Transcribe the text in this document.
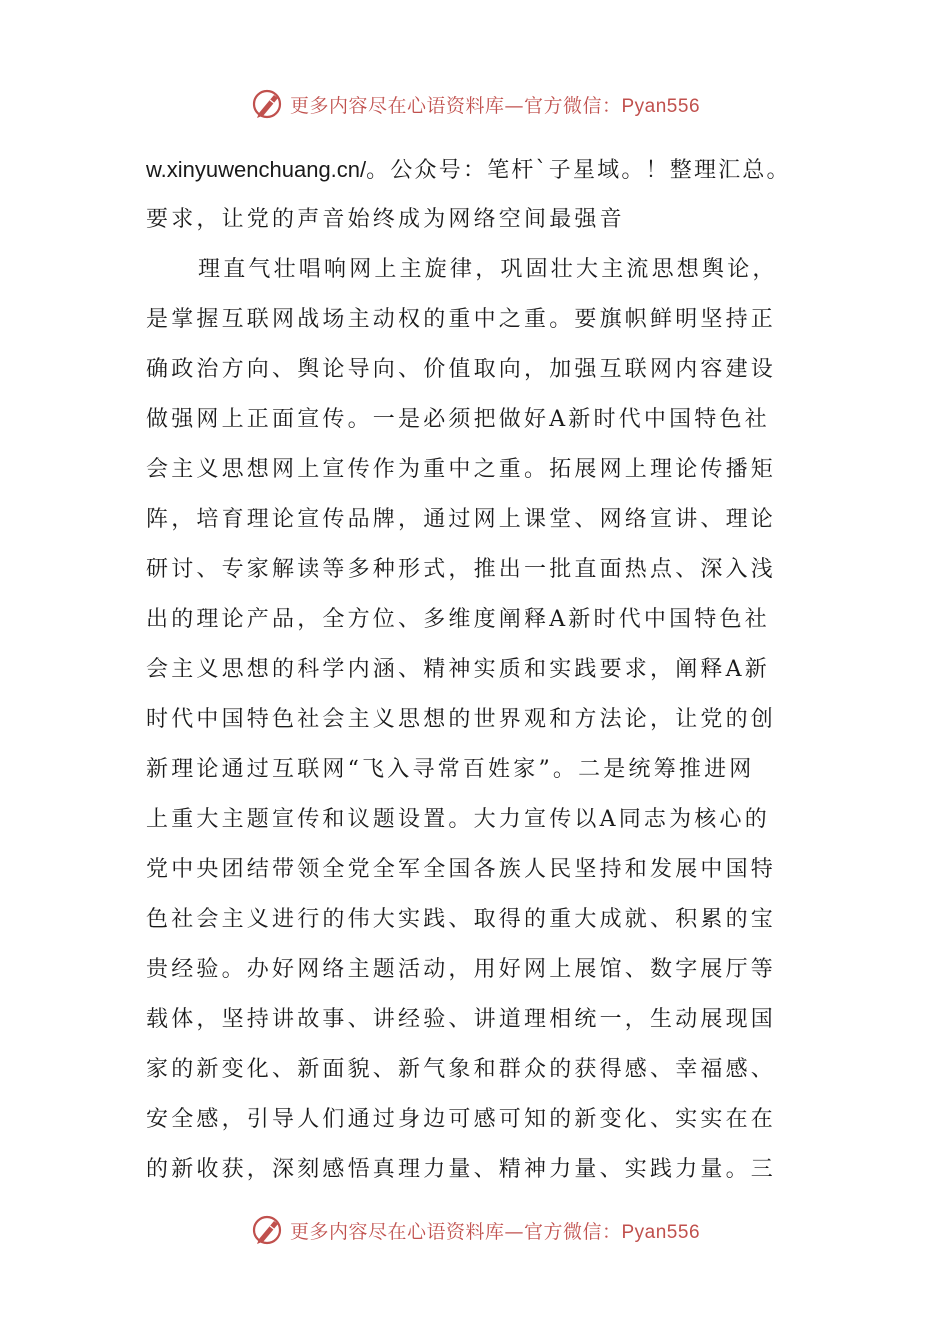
更多内容尽在心语资料库—官方微信：Pyan556
w.xinyuwenchuang.cn/。公众号：笔杆`子星域。！整理汇总。
要求，让党的声音始终成为网络空间最强音
理直气壮唱响网上主旋律，巩固壮大主流思想舆论，
是掌握互联网战场主动权的重中之重。要旗帜鲜明坚持正
确政治方向、舆论导向、价值取向，加强互联网内容建设
做强网上正面宣传。一是必须把做好A新时代中国特色社
会主义思想网上宣传作为重中之重。拓展网上理论传播矩
阵，培育理论宣传品牌，通过网上课堂、网络宣讲、理论
研讨、专家解读等多种形式，推出一批直面热点、深入浅
出的理论产品，全方位、多维度阐释A新时代中国特色社
会主义思想的科学内涵、精神实质和实践要求，阐释A新
时代中国特色社会主义思想的世界观和方法论，让党的创
新理论通过互联网“飞入寻常百姓家”。二是统筹推进网
上重大主题宣传和议题设置。大力宣传以A同志为核心的
党中央团结带领全党全军全国各族人民坚持和发展中国特
色社会主义进行的伟大实践、取得的重大成就、积累的宝
贵经验。办好网络主题活动，用好网上展馆、数字展厅等
载体，坚持讲故事、讲经验、讲道理相统一，生动展现国
家的新变化、新面貌、新气象和群众的获得感、幸福感、
安全感，引导人们通过身边可感可知的新变化、实实在在
的新收获，深刻感悟真理力量、精神力量、实践力量。三
更多内容尽在心语资料库—官方微信：Pyan556
